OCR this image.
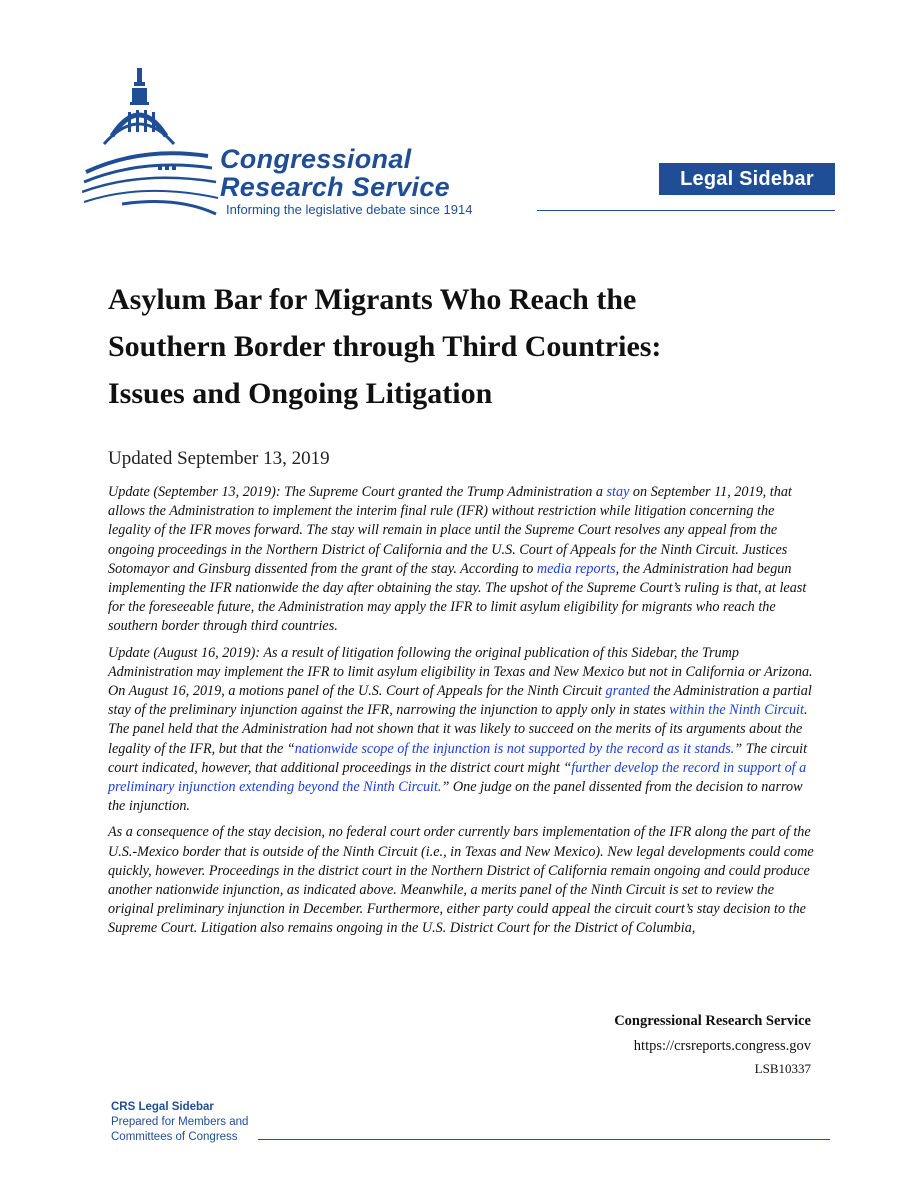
Congressional
Research Service
Informing the legislative debate since 1914
Legal Sidebar
Asylum Bar for Migrants Who Reach the
Southern Border through Third Countries:
Issues and Ongoing Litigation
Updated September 13, 2019

Update (September 13, 2019): The Supreme Court granted the Trump Administration a stay on September 11, 2019, that allows the Administration to implement the interim final rule (IFR) without restriction while litigation concerning the legality of the IFR moves forward. The stay will remain in place until the Supreme Court resolves any appeal from the ongoing proceedings in the Northern District of California and the U.S. Court of Appeals for the Ninth Circuit. Justices Sotomayor and Ginsburg dissented from the grant of the stay. According to media reports, the Administration had begun implementing the IFR nationwide the day after obtaining the stay. The upshot of the Supreme Court’s ruling is that, at least for the foreseeable future, the Administration may apply the IFR to limit asylum eligibility for migrants who reach the southern border through third countries.

Update (August 16, 2019): As a result of litigation following the original publication of this Sidebar, the Trump Administration may implement the IFR to limit asylum eligibility in Texas and New Mexico but not in California or Arizona. On August 16, 2019, a motions panel of the U.S. Court of Appeals for the Ninth Circuit granted the Administration a partial stay of the preliminary injunction against the IFR, narrowing the injunction to apply only in states within the Ninth Circuit. The panel held that the Administration had not shown that it was likely to succeed on the merits of its arguments about the legality of the IFR, but that the “nationwide scope of the injunction is not supported by the record as it stands.” The circuit court indicated, however, that additional proceedings in the district court might “further develop the record in support of a preliminary injunction extending beyond the Ninth Circuit.” One judge on the panel dissented from the decision to narrow the injunction.

As a consequence of the stay decision, no federal court order currently bars implementation of the IFR along the part of the U.S.-Mexico border that is outside of the Ninth Circuit (i.e., in Texas and New Mexico). New legal developments could come quickly, however. Proceedings in the district court in the Northern District of California remain ongoing and could produce another nationwide injunction, as indicated above. Meanwhile, a merits panel of the Ninth Circuit is set to review the original preliminary injunction in December. Furthermore, either party could appeal the circuit court’s stay decision to the Supreme Court. Litigation also remains ongoing in the U.S. District Court for the District of Columbia,

Congressional Research Service
https://crsreports.congress.gov
LSB10337
CRS Legal Sidebar
Prepared for Members and
Committees of Congress
